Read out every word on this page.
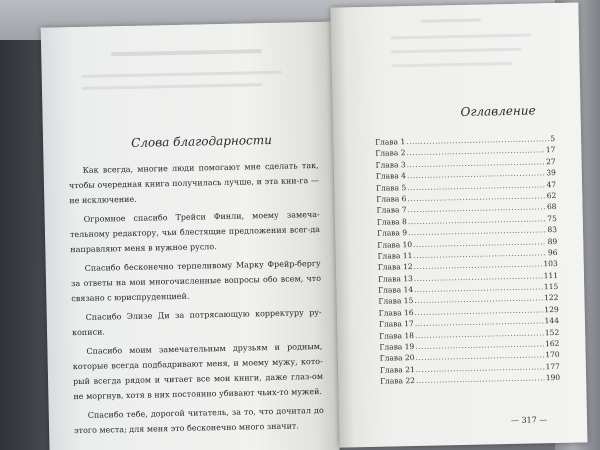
Слова благодарности

Как всегда, многие люди помогают мне сделать так, чтобы очередная книга получилась лучше, и эта кни-га — не исключение.

Огромное спасибо Трейси Финли, моему замеча-тельному редактору, чьи блестящие предложения всег-да направляют меня в нужное русло.

Спасибо бесконечно терпеливому Марку Фрейр-бергу за ответы на мои многочисленные вопросы обо всем, что связано с юриспруденцией.

Спасибо Элизе Ди за потрясающую корректуру ру-кописи.

Спасибо моим замечательным друзьям и родным, которые всегда подбадривают меня, и моему мужу, кото-рый всегда рядом и читает все мои книги, даже глаз-ом не моргнув, хотя в них постоянно убивают чьих-то мужей.

Спасибо тебе, дорогой читатель, за то, что дочитал до этого места; для меня это бесконечно много значит.

Оглавление
Глава 1 .....	5
Глава 2 .....	17
Глава 3 .....	27
Глава 4 .....	39
Глава 5 .....	47
Глава 6 .....	62
Глава 7 .....	68
Глава 8 .....	75
Глава 9 .....	83
Глава 10 .....	89
Глава 11 .....	96
Глава 12 .....	103
Глава 13 .....	111
Глава 14 .....	115
Глава 15 .....	122
Глава 16 .....	129
Глава 17 .....	144
Глава 18 .....	152
Глава 19 .....	162
Глава 20 .....	170
Глава 21 .....	177
Глава 22 .....	190
— 317 —
